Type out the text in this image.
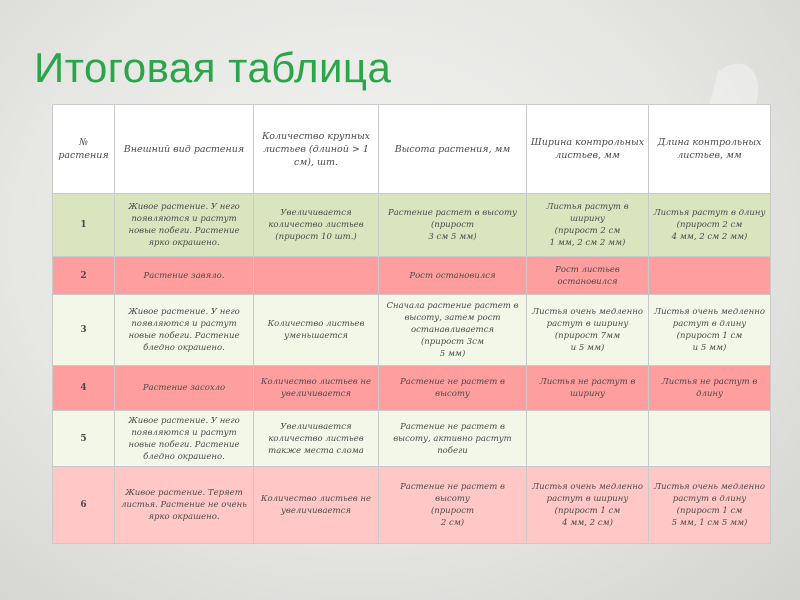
Итоговая таблица
№ растения	Внешний вид растения	Количество крупных листьев (длиной > 1 см), шт.	Высота растения, мм	Ширина контрольных листьев, мм	Длина контрольных листьев, мм
1	Живое растение. У него появляются и растут новые побеги. Растение ярко окрашено.	Увеличивается количество листьев
(прирост 10 шт.)	Растение растет в высоту
(прирост
3 см 5 мм)	Листья растут в ширину
(прирост 2 см
1 мм, 2 см 2 мм)	Листья растут в длину
(прирост 2 см
4 мм, 2 см 2 мм)
2	Растение завяло.		Рост остановился	Рост листьев остановился	
3	Живое растение. У него появляются и растут новые побеги. Растение бледно окрашено.	Количество листьев уменьшается	Сначала растение растет в высоту, затем рост останавливается
(прирост 3см
5 мм)	Листья очень медленно растут в ширину
(прирост 7мм
и 5 мм)	Листья очень медленно растут в длину
(прирост 1 см
и 5 мм)
4	Растение засохло	Количество листьев не увеличивается	Растение не растет в высоту	Листья не растут в ширину	Листья не растут в длину
5	Живое растение. У него появляются и растут новые побеги. Растение бледно окрашено.	Увеличивается количество листьев также места слома	Растение не растет в высоту, активно растут побеги		
6	Живое растение. Теряет листья. Растение не очень ярко окрашено.	Количество листьев не увеличивается	Растение не растет в высоту
(прирост
2 см)	Листья очень медленно растут в ширину
(прирост 1 см
4 мм, 2 см)	Листья очень медленно растут в длину
(прирост 1 см
5 мм, 1 см 5 мм)
